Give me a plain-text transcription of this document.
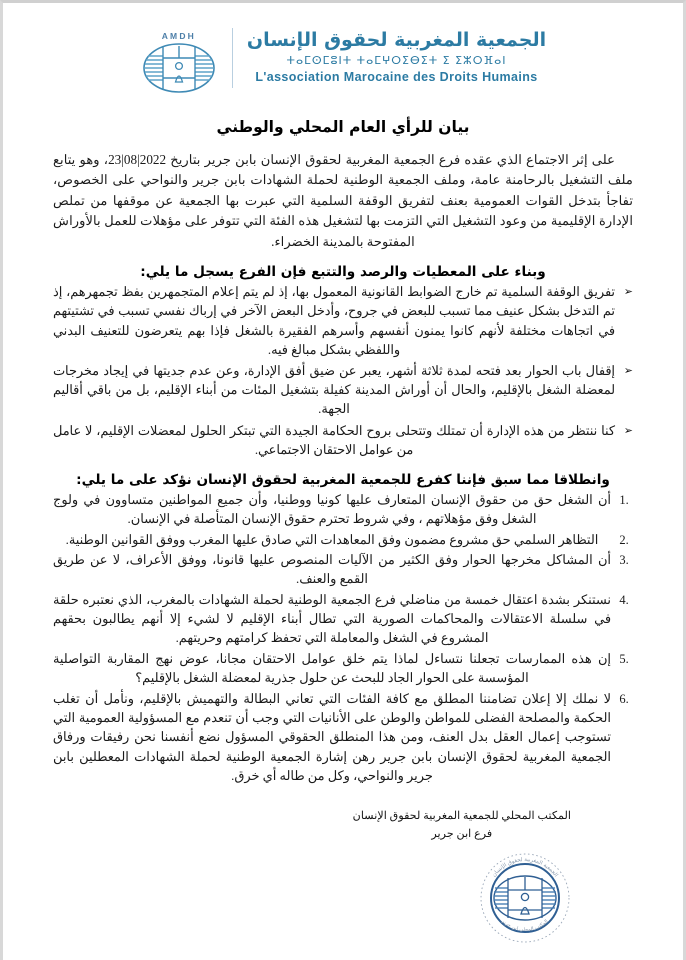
AMDH	الجمعية المغربية لحقوق الإنسان
ⵜⴰⵎⵙⵎⵓⵏⵜ ⵜⴰⵎⵖⵔⵉⴱⵉⵜ ⵉ ⵉⵣⵔⴼⴰⵏ
L'association Marocaine des Droits Humains
بيان للرأي العام المحلي والوطني

على إثر الاجتماع الذي عقده فرع الجمعية المغربية لحقوق الإنسان بابن جرير بتاريخ 2022|08|23، وهو يتابع ملف التشغيل بالرحامنة عامة، وملف الجمعية الوطنية لحملة الشهادات بابن جرير والنواحي على الخصوص، تفاجأ بتدخل القوات العمومية بعنف لتفريق الوقفة السلمية التي عبرت بها الجمعية عن موقفها من تملص الإدارة الإقليمية من وعود التشغيل التي التزمت بها لتشغيل هذه الفئة التي تتوفر على مؤهلات للعمل بالأوراش المفتوحة بالمدينة الخضراء.

وبناء على المعطيات والرصد والتتبع فإن الفرع يسجل ما يلي:
➢
تفريق الوقفة السلمية تم خارج الضوابط القانونية المعمول بها، إذ لم يتم إعلام المتجمهرين بفظ تجمهرهم، إذ تم التدخل بشكل عنيف مما تسبب للبعض في جروح، وأدخل البعض الآخر في إرباك نفسي تسبب في تشتيتهم في اتجاهات مختلفة لأنهم كانوا يمنون أنفسهم وأسرهم الفقيرة بالشغل فإذا بهم يتعرضون للتعنيف البدني واللفظي بشكل مبالغ فيه.
➢
إقفال باب الحوار بعد فتحه لمدة ثلاثة أشهر، يعبر عن ضيق أفق الإدارة، وعن عدم جديتها في إيجاد مخرجات لمعضلة الشغل بالإقليم، والحال أن أوراش المدينة كفيلة بتشغيل المئات من أبناء الإقليم، بل من باقي أقاليم الجهة.
➢
كنا ننتظر من هذه الإدارة أن تمتلك وتتحلى بروح الحكامة الجيدة التي تبتكر الحلول لمعضلات الإقليم، لا عامل من عوامل الاحتقان الاجتماعي.
وانطلاقا مما سبق فإننا كفرع للجمعية المغربية لحقوق الإنسان نؤكد على ما يلي:
1 .
أن الشغل حق من حقوق الإنسان المتعارف عليها كونيا ووطنيا، وأن جميع المواطنين متساوون في ولوج الشغل وفق مؤهلاتهم ، وفي شروط تحترم حقوق الإنسان المتأصلة في الإنسان.
2 .
التظاهر السلمي حق مشروع مضمون وفق المعاهدات التي صادق عليها المغرب ووفق القوانين الوطنية.
3 .
أن المشاكل مخرجها الحوار وفق الكثير من الآليات المنصوص عليها قانونا، ووفق الأعراف، لا عن طريق القمع والعنف.
4 .
نستنكر بشدة اعتقال خمسة من مناضلي فرع الجمعية الوطنية لحملة الشهادات بالمغرب، الذي نعتبره حلقة في سلسلة الاعتقالات والمحاكمات الصورية التي تطال أبناء الإقليم لا لشيء إلا أنهم يطالبون بحقهم المشروع في الشغل والمعاملة التي تحفظ كرامتهم وحريتهم.
5 .
إن هذه الممارسات تجعلنا نتساءل لماذا يتم خلق عوامل الاحتقان مجانا، عوض نهج المقاربة التواصلية المؤسسة على الحوار الجاد للبحث عن حلول جذرية لمعضلة الشغل بالإقليم؟
6 .
لا نملك إلا إعلان تضامننا المطلق مع كافة الفئات التي تعاني البطالة والتهميش بالإقليم، ونأمل أن تغلب الحكمة والمصلحة الفضلى للمواطن والوطن على الأنانيات التي وجب أن تنعدم مع المسؤولية العمومية التي تستوجب إعمال العقل بدل العنف، ومن هذا المنطلق الحقوقي المسؤول نضع أنفسنا نحن رفيقات ورفاق الجمعية المغربية لحقوق الإنسان بابن جرير رهن إشارة الجمعية الوطنية لحملة الشهادات المعطلين بابن جرير والنواحي، وكل من طاله أي خرق.
المكتب المحلي للجمعية المغربية لحقوق الإنسان
فرع ابن جرير
الجمعية المغربية لحقوق الإنسان
المكتب المحلي ابن جرير
